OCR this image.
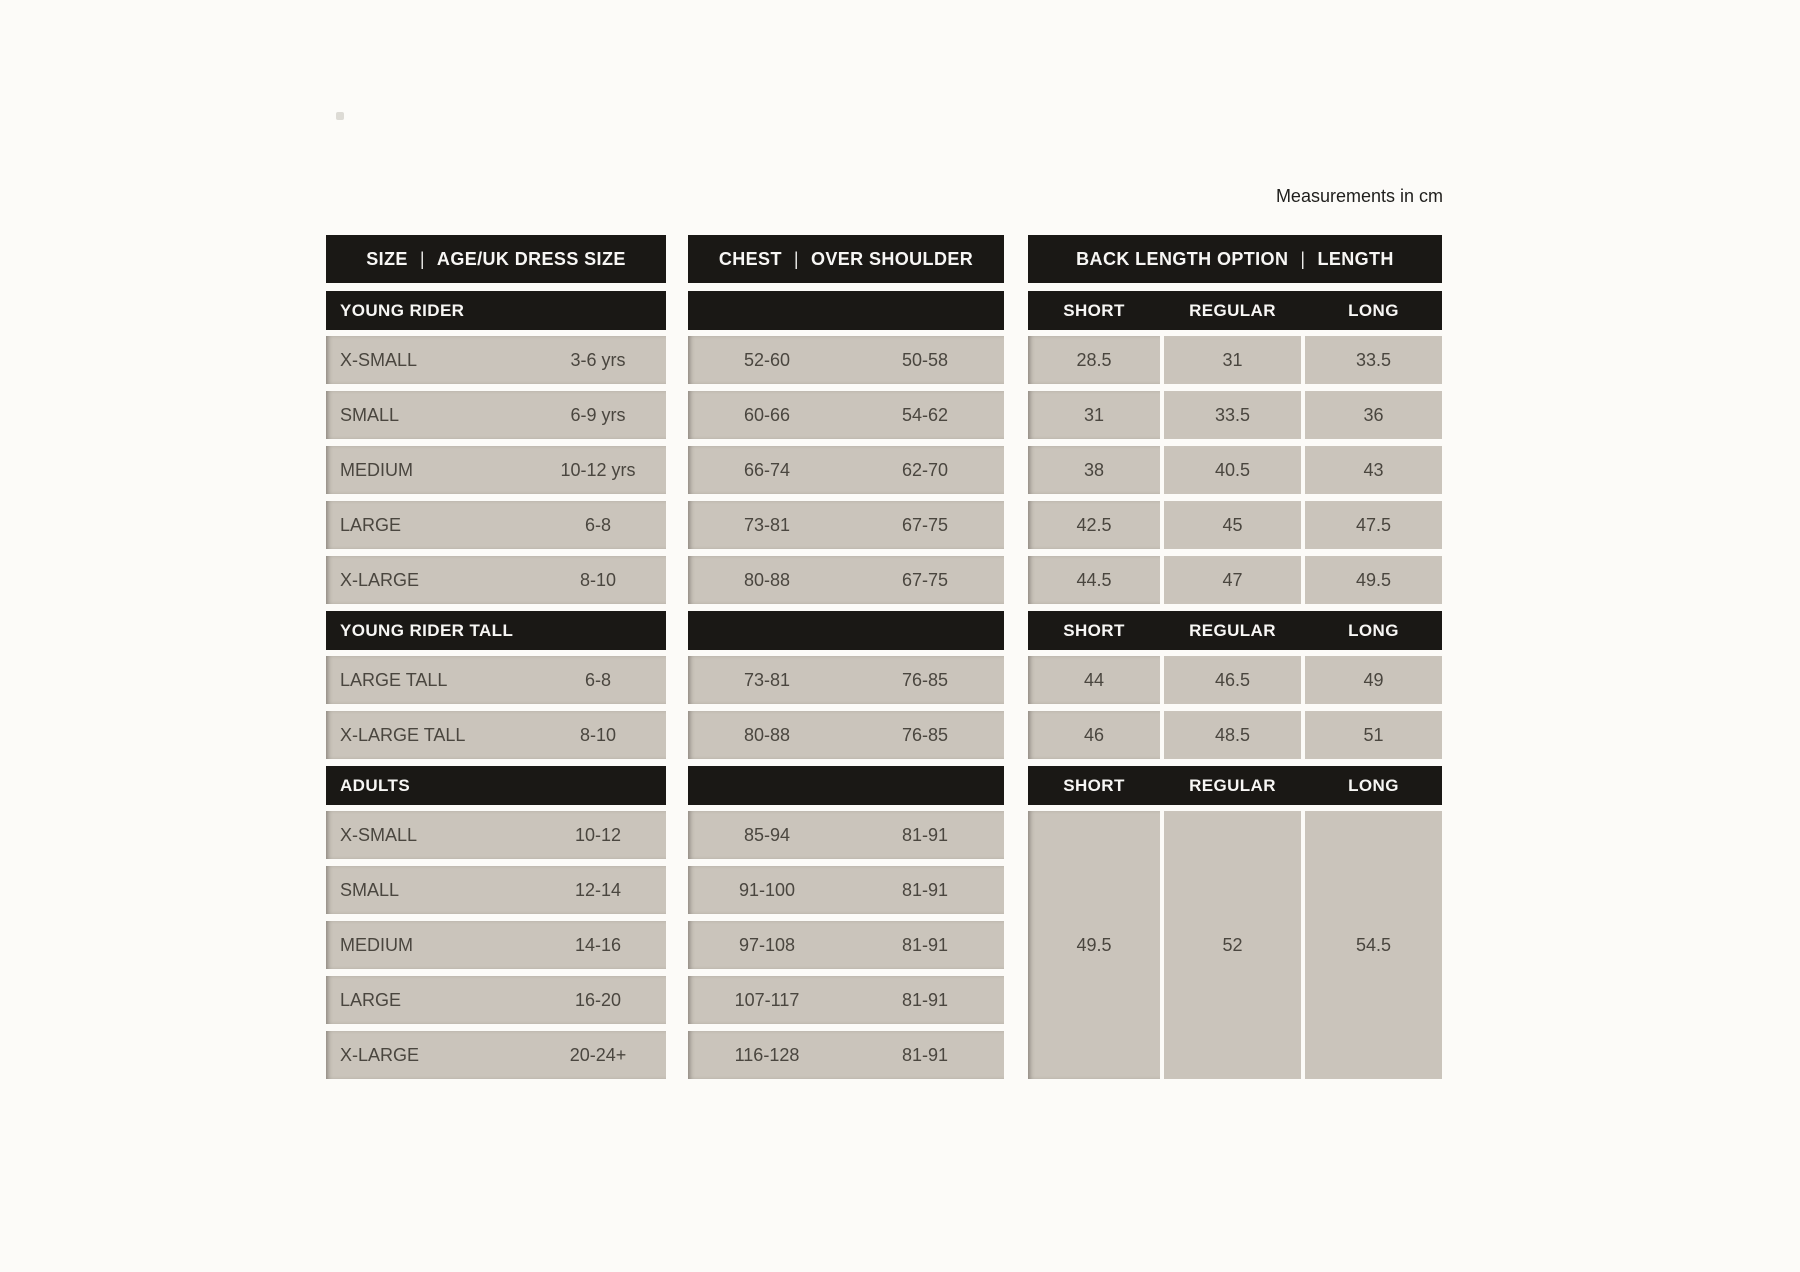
Measurements in cm
SIZE | AGE/UK DRESS SIZE
YOUNG RIDER
X-SMALL	3-6 yrs
SMALL	6-9 yrs
MEDIUM	10-12 yrs
LARGE	6-8
X-LARGE	8-10
YOUNG RIDER TALL
LARGE TALL	6-8
X-LARGE TALL	8-10
ADULTS
X-SMALL	10-12
SMALL	12-14
MEDIUM	14-16
LARGE	16-20
X-LARGE	20-24+
CHEST | OVER SHOULDER
52-60	50-58
60-66	54-62
66-74	62-70
73-81	67-75
80-88	67-75
73-81	76-85
80-88	76-85
85-94	81-91
91-100	81-91
97-108	81-91
107-117	81-91
116-128	81-91
BACK LENGTH OPTION | LENGTH
SHORT	REGULAR	LONG
28.5	31	33.5
31	33.5	36
38	40.5	43
42.5	45	47.5
44.5	47	49.5
SHORT	REGULAR	LONG
44	46.5	49
46	48.5	51
SHORT	REGULAR	LONG
49.5	52	54.5
